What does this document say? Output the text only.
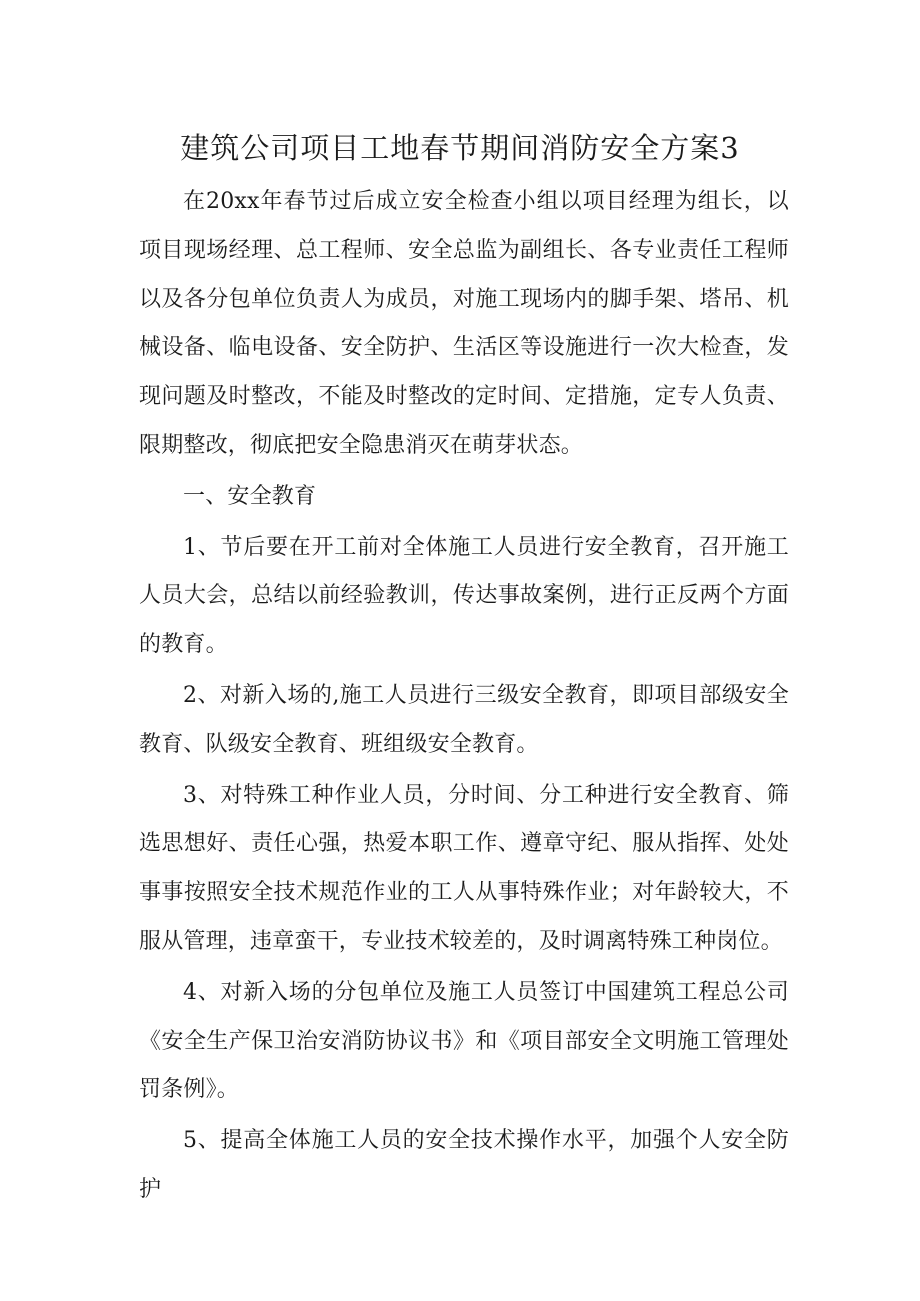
建筑公司项目工地春节期间消防安全方案3

在20xx年春节过后成立安全检查小组以项目经理为组长，以项目现场经理、总工程师、安全总监为副组长、各专业责任工程师以及各分包单位负责人为成员，对施工现场内的脚手架、塔吊、机械设备、临电设备、安全防护、生活区等设施进行一次大检查，发现问题及时整改，不能及时整改的定时间、定措施，定专人负责、限期整改，彻底把安全隐患消灭在萌芽状态。

一、安全教育

1、节后要在开工前对全体施工人员进行安全教育，召开施工人员大会，总结以前经验教训，传达事故案例，进行正反两个方面的教育。

2、对新入场的,施工人员进行三级安全教育，即项目部级安全教育、队级安全教育、班组级安全教育。

3、对特殊工种作业人员，分时间、分工种进行安全教育、筛选思想好、责任心强，热爱本职工作、遵章守纪、服从指挥、处处事事按照安全技术规范作业的工人从事特殊作业；对年龄较大，不服从管理，违章蛮干，专业技术较差的，及时调离特殊工种岗位。

4、对新入场的分包单位及施工人员签订中国建筑工程总公司《安全生产保卫治安消防协议书》和《项目部安全文明施工管理处罚条例》。

5、提高全体施工人员的安全技术操作水平，加强个人安全防护
